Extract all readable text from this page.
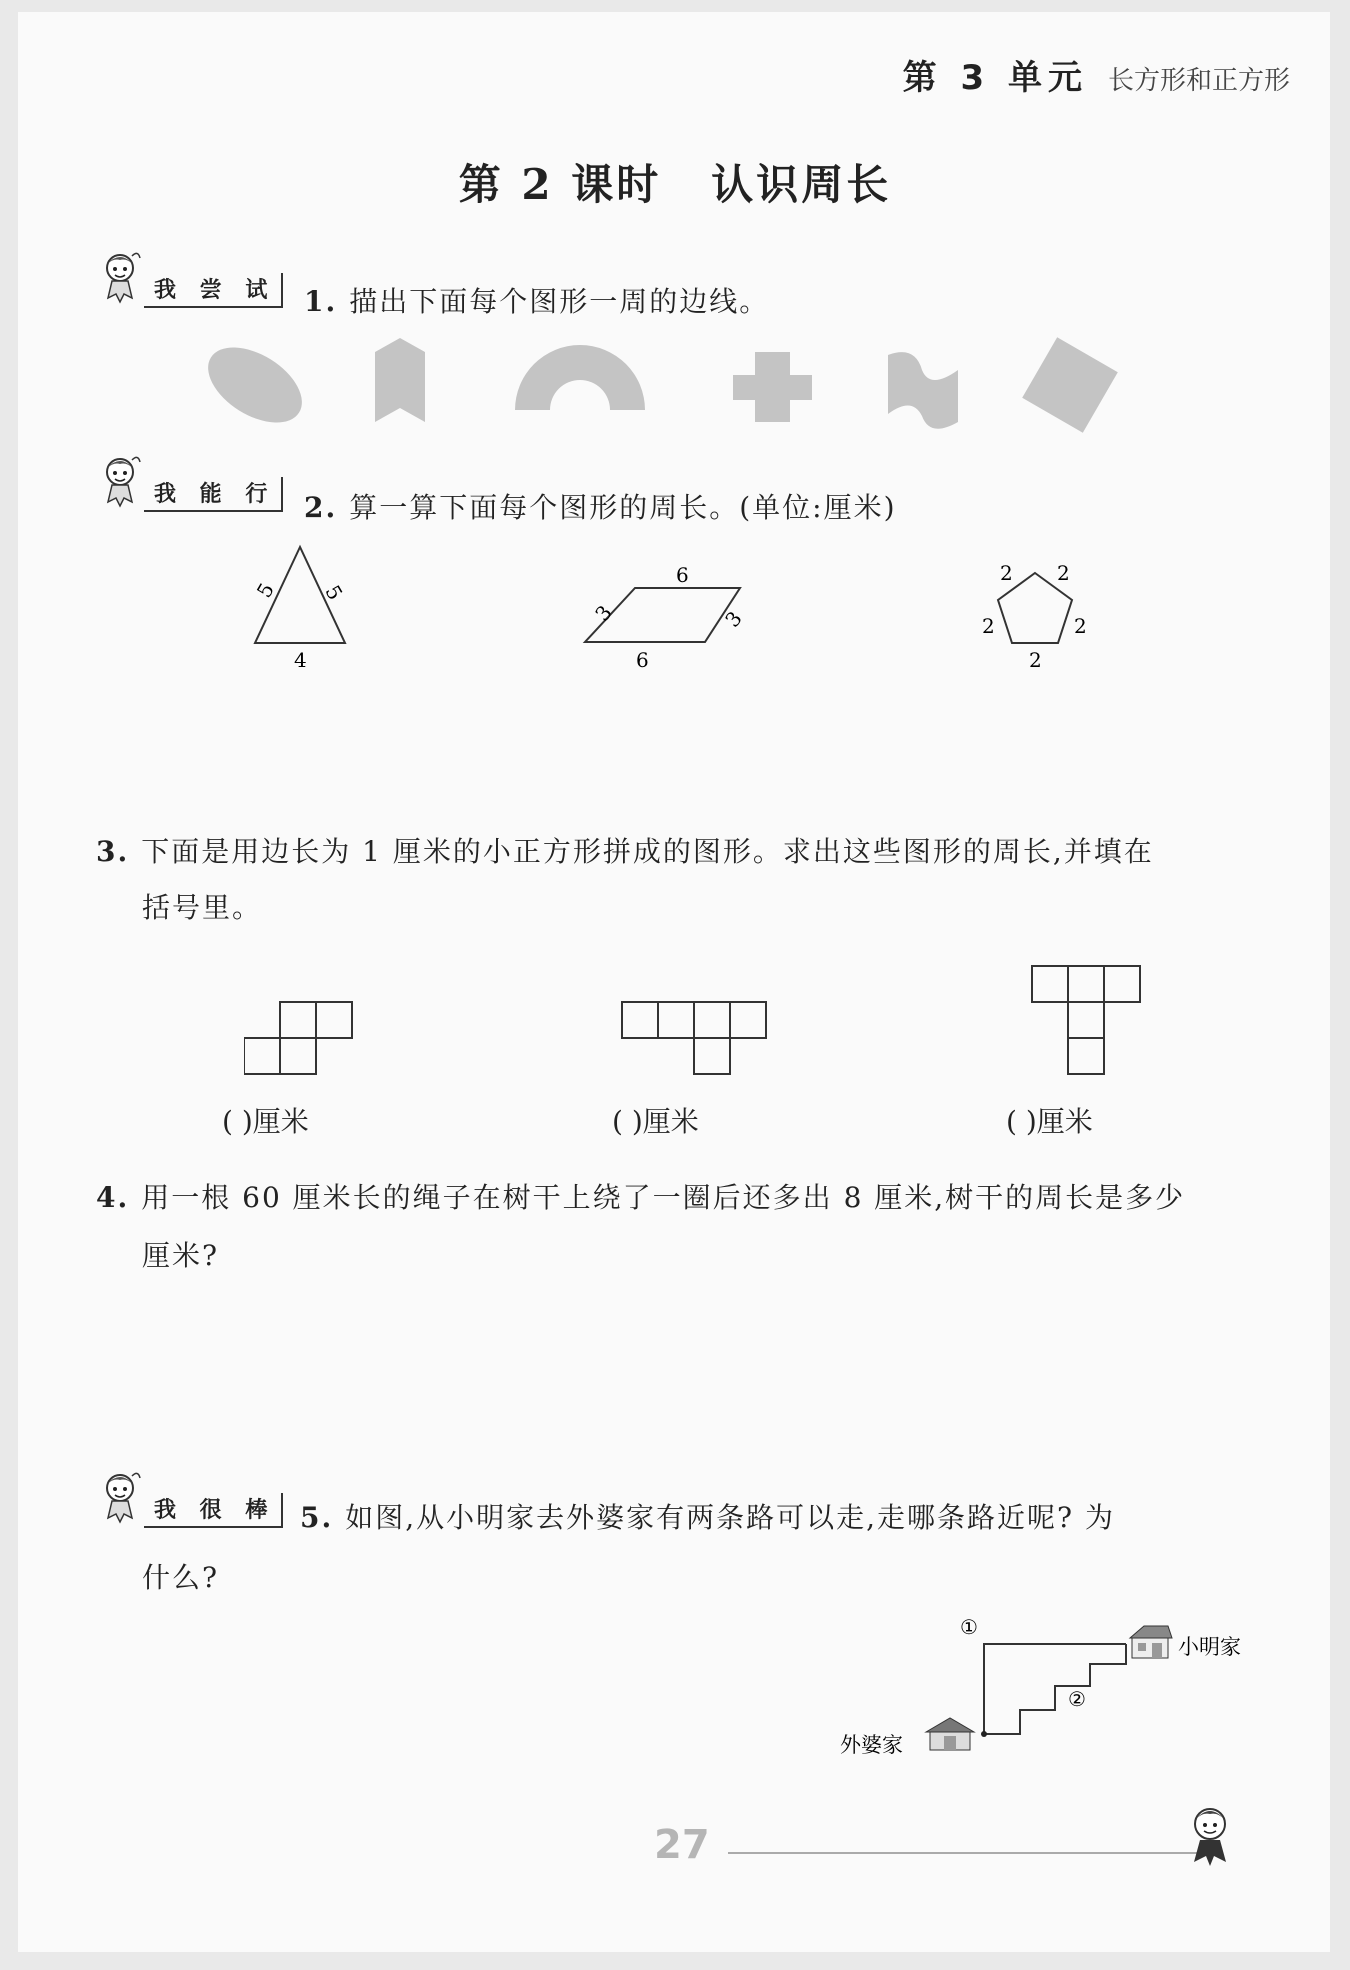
第 3 单元 长方形和正方形
第 2 课时 认识周长
我 尝 试 1. 描出下面每个图形一周的边线。
我 能 行 2. 算一算下面每个图形的周长。(单位:厘米)
5 5
4
6
6
3	3
2 2
2	2
2
3. 下面是用边长为 1 厘米的小正方形拼成的图形。求出这些图形的周长,并填在
括号里。
( )厘米	( )厘米	( )厘米
4. 用一根 60 厘米长的绳子在树干上绕了一圈后还多出 8 厘米,树干的周长是多少
厘米?
我 很 棒 5. 如图,从小明家去外婆家有两条路可以走,走哪条路近呢? 为
什么?
①
②
小明家
外婆家
27
